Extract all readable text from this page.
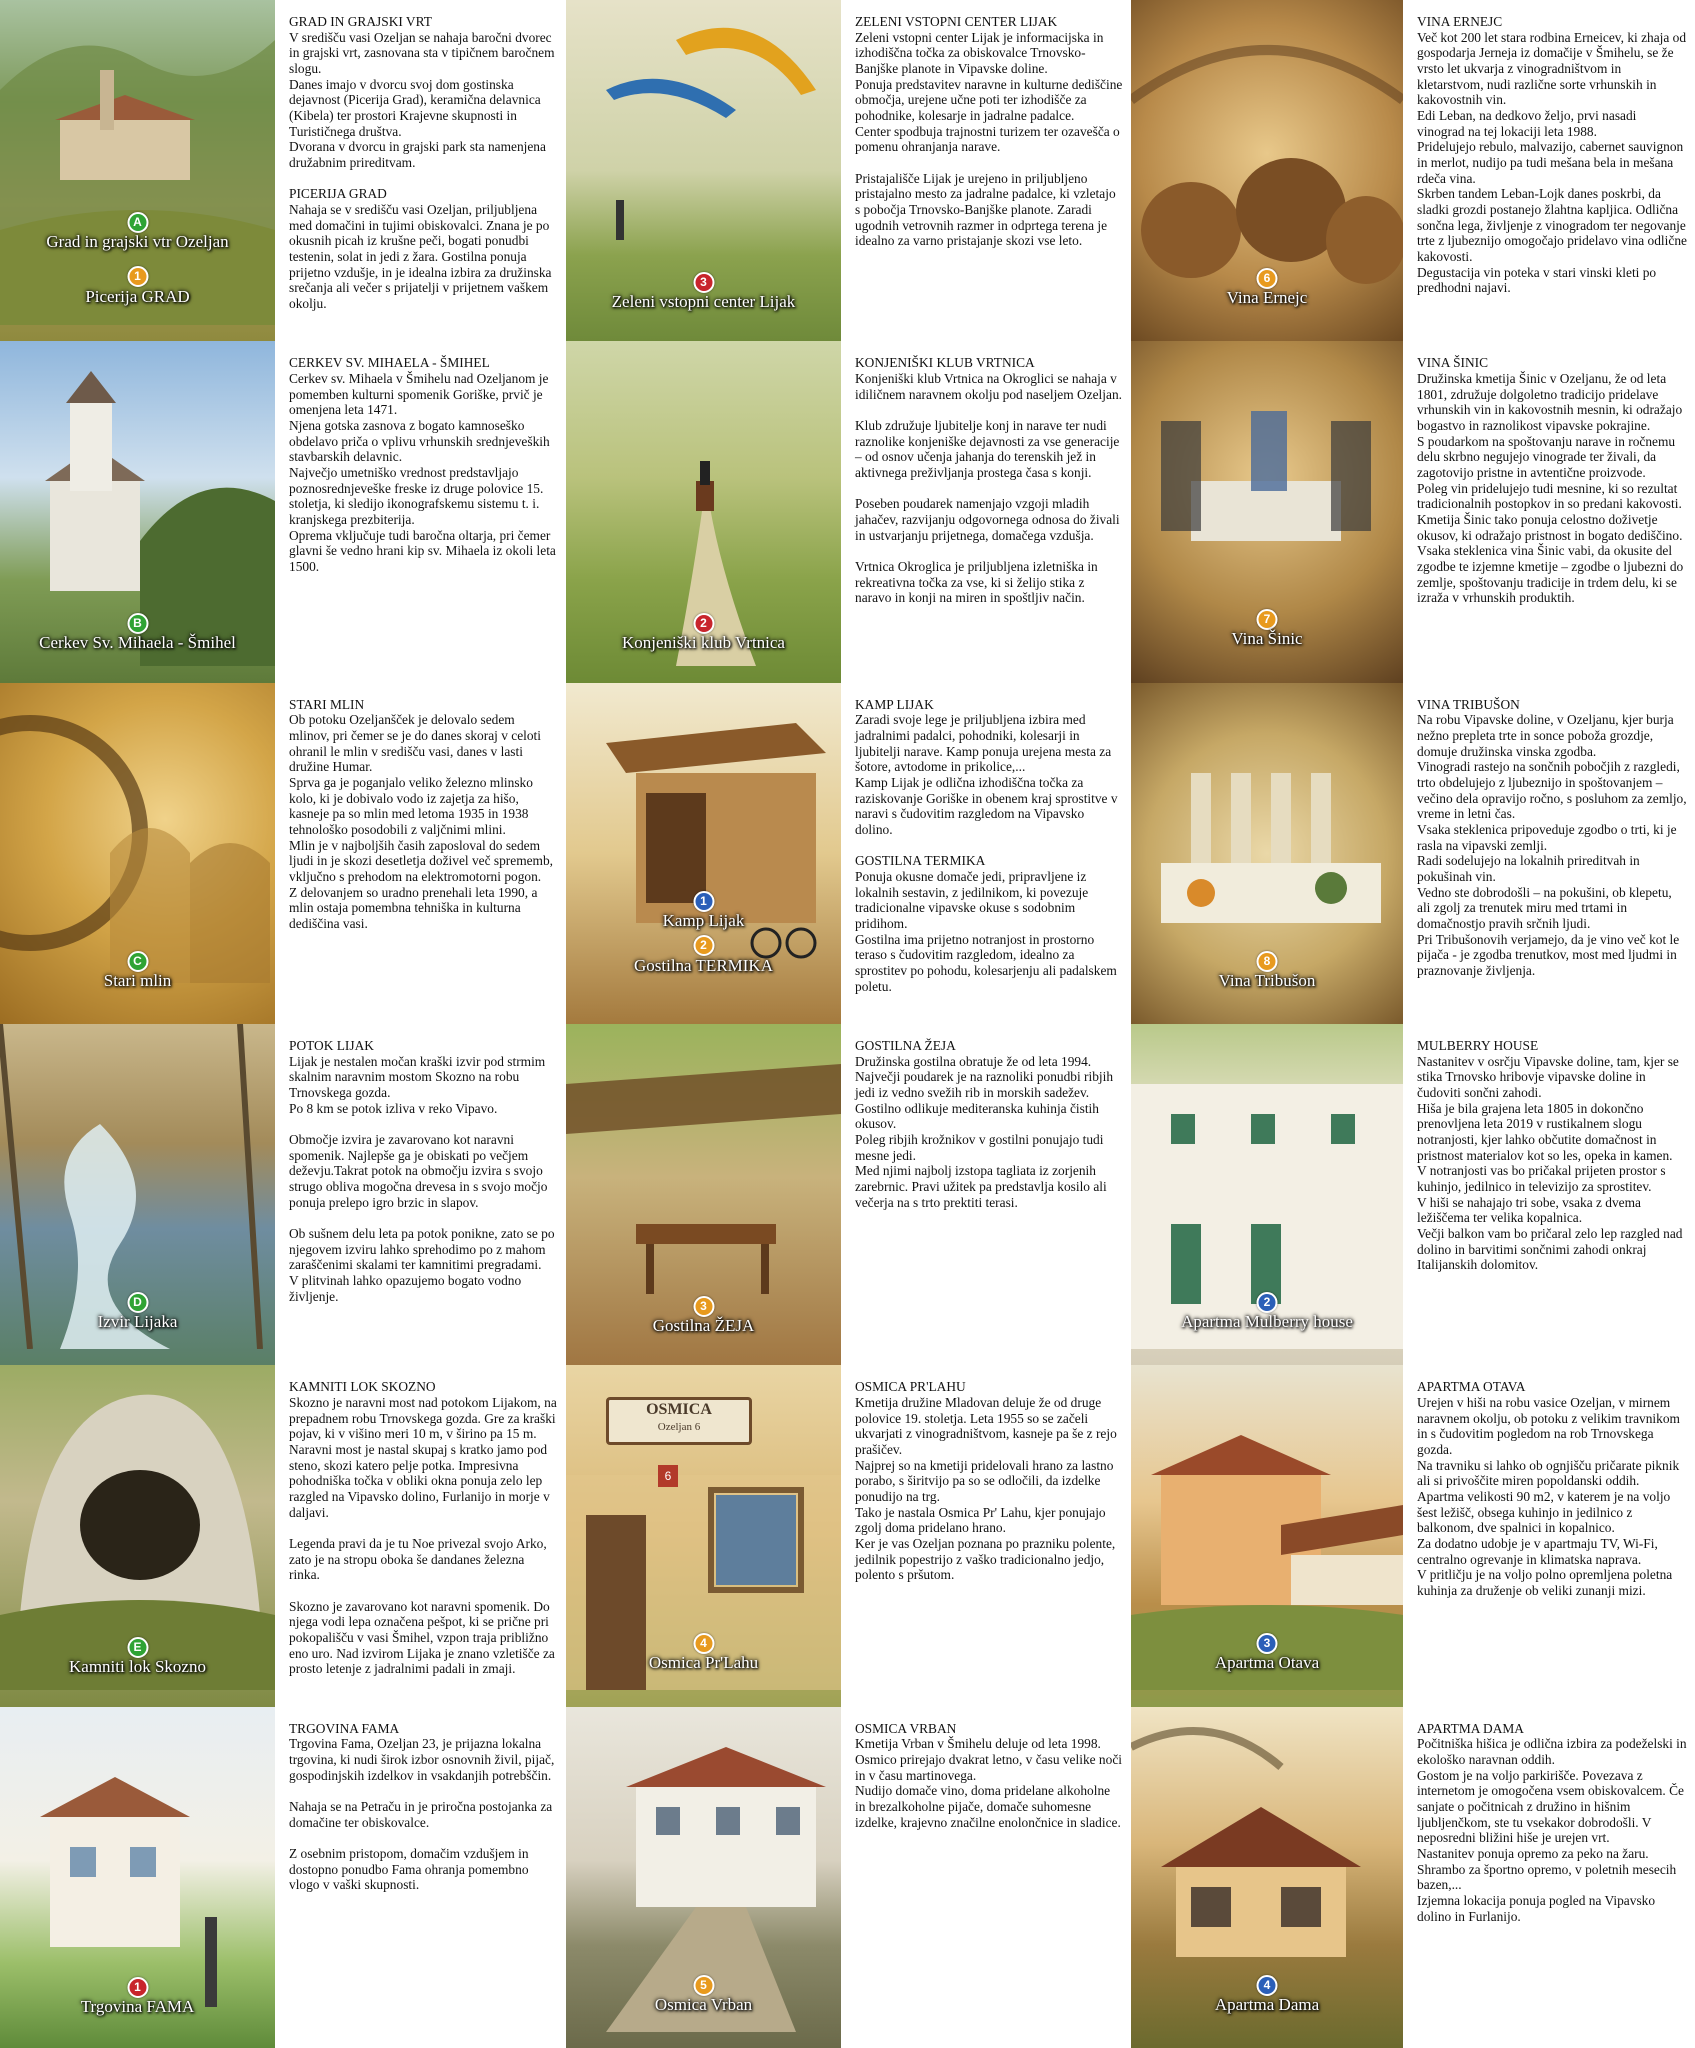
A
Grad in grajski vtr Ozeljan
1
Picerija GRAD
GRAD IN GRAJSKI VRT
V središču vasi Ozeljan se nahaja baročni dvorec in grajski vrt, zasnovana sta v tipičnem baročnem slogu.
Danes imajo v dvorcu svoj dom gostinska dejavnost (Picerija Grad), keramična delavnica (Kibela) ter prostori Krajevne skupnosti in Turističnega društva.
Dvorana v dvorcu in grajski park sta namenjena družabnim prireditvam.

PICERIJA GRAD
Nahaja se v središču vasi Ozeljan, priljubljena med domačini in tujimi obiskovalci. Znana je po okusnih picah iz krušne peči, bogati ponudbi testenin, solat in jedi z žara. Gostilna ponuja prijetno vzdušje, in je idealna izbira za družinska srečanja ali večer s prijatelji v prijetnem vaškem okolju.
B
Cerkev Sv. Mihaela - Šmihel
CERKEV SV. MIHAELA - ŠMIHEL
Cerkev sv. Mihaela v Šmihelu nad Ozeljanom je pomemben kulturni spomenik Goriške, prvič je omenjena leta 1471.
Njena gotska zasnova z bogato kamnoseško obdelavo priča o vplivu vrhunskih srednjeveških stavbarskih delavnic.
Največjo umetniško vrednost predstavljajo poznosrednjeveške freske iz druge polovice 15. stoletja, ki sledijo ikonografskemu sistemu t. i. kranjskega prezbiterija.
Oprema vključuje tudi baročna oltarja, pri čemer glavni še vedno hrani kip sv. Mihaela iz okoli leta 1500.
C
Stari mlin
STARI MLIN
Ob potoku Ozeljanšček je delovalo sedem mlinov, pri čemer se je do danes skoraj v celoti ohranil le mlin v središču vasi, danes v lasti družine Humar.
Sprva ga je poganjalo veliko železno mlinsko kolo, ki je dobivalo vodo iz zajetja za hišo, kasneje pa so mlin med letoma 1935 in 1938 tehnološko posodobili z valjčnimi mlini.
Mlin je v najboljših časih zaposloval do sedem ljudi in je skozi desetletja doživel več sprememb, vključno s prehodom na elektromotorni pogon.
Z delovanjem so uradno prenehali leta 1990, a mlin ostaja pomembna tehniška in kulturna dediščina vasi.
D
Izvir Lijaka
POTOK LIJAK
Lijak je nestalen močan kraški izvir pod strmim skalnim naravnim mostom Skozno na robu Trnovskega gozda.
Po 8 km se potok izliva v reko Vipavo.

Območje izvira je zavarovano kot naravni spomenik. Najlepše ga je obiskati po večjem deževju.Takrat potok na območju izvira s svojo strugo obliva mogočna drevesa in s svojo močjo ponuja prelepo igro brzic in slapov.

Ob sušnem delu leta pa potok ponikne, zato se po njegovem izviru lahko sprehodimo po z mahom zaraščenimi skalami ter kamnitimi pregradami.
V plitvinah lahko opazujemo bogato vodno življenje.
E
Kamniti lok Skozno
KAMNITI LOK SKOZNO
Skozno je naravni most nad potokom Lijakom, na prepadnem robu Trnovskega gozda. Gre za kraški pojav, ki v višino meri 10 m, v širino pa 15 m. Naravni most je nastal skupaj s kratko jamo pod steno, skozi katero pelje potka. Impresivna pohodniška točka v obliki okna ponuja zelo lep razgled na Vipavsko dolino, Furlanijo in morje v daljavi.

Legenda pravi da je tu Noe privezal svojo Arko, zato je na stropu oboka še dandanes železna rinka.

Skozno je zavarovano kot naravni spomenik. Do njega vodi lepa označena pešpot, ki se prične pri pokopališču v vasi Šmihel, vzpon traja približno eno uro. Nad izvirom Lijaka je znano vzletišče za prosto letenje z jadralnimi padali in zmaji.
1
Trgovina FAMA
TRGOVINA FAMA
Trgovina Fama, Ozeljan 23, je prijazna lokalna trgovina, ki nudi širok izbor osnovnih živil, pijač, gospodinjskih izdelkov in vsakdanjih potrebščin.

Nahaja se na Petraču in je priročna postojanka za domačine ter obiskovalce.

Z osebnim pristopom, domačim vzdušjem in dostopno ponudbo Fama ohranja pomembno vlogo v vaški skupnosti.
3
Zeleni vstopni center Lijak
ZELENI VSTOPNI CENTER LIJAK
Zeleni vstopni center Lijak je informacijska in izhodiščna točka za obiskovalce Trnovsko-Banjške planote in Vipavske doline.
Ponuja predstavitev naravne in kulturne dediščine območja, urejene učne poti ter izhodišče za pohodnike, kolesarje in jadralne padalce.
Center spodbuja trajnostni turizem ter ozavešča o pomenu ohranjanja narave.

Pristajališče Lijak je urejeno in priljubljeno pristajalno mesto za jadralne padalce, ki vzletajo s pobočja Trnovsko-Banjške planote. Zaradi ugodnih vetrovnih razmer in odprtega terena je idealno za varno pristajanje skozi vse leto.
2
Konjeniški klub Vrtnica
KONJENIŠKI KLUB VRTNICA
Konjeniški klub Vrtnica na Okroglici se nahaja v idiličnem naravnem okolju pod naseljem Ozeljan.

Klub združuje ljubitelje konj in narave ter nudi raznolike konjeniške dejavnosti za vse generacije – od osnov učenja jahanja do terenskih jež in aktivnega preživljanja prostega časa s konji.

Poseben poudarek namenjajo vzgoji mladih jahačev, razvijanju odgovornega odnosa do živali in ustvarjanju prijetnega, domačega vzdušja.

Vrtnica Okroglica je priljubljena izletniška in rekreativna točka za vse, ki si želijo stika z naravo in konji na miren in spoštljiv način.
1
Kamp Lijak
2
Gostilna TERMIKA
KAMP LIJAK
Zaradi svoje lege je priljubljena izbira med jadralnimi padalci, pohodniki, kolesarji in ljubitelji narave. Kamp ponuja urejena mesta za šotore, avtodome in prikolice,...
Kamp Lijak je odlična izhodiščna točka za raziskovanje Goriške in obenem kraj sprostitve v naravi s čudovitim razgledom na Vipavsko dolino.

GOSTILNA TERMIKA
Ponuja okusne domače jedi, pripravljene iz lokalnih sestavin, z jedilnikom, ki povezuje tradicionalne vipavske okuse s sodobnim pridihom.
Gostilna ima prijetno notranjost in prostorno teraso s čudovitim razgledom, idealno za sprostitev po pohodu, kolesarjenju ali padalskem poletu.
3
Gostilna ŽEJA
GOSTILNA ŽEJA
Družinska gostilna obratuje že od leta 1994.
Največji poudarek je na raznoliki ponudbi ribjih jedi iz vedno svežih rib in morskih sadežev.
Gostilno odlikuje mediteranska kuhinja čistih okusov.
Poleg ribjih krožnikov v gostilni ponujajo tudi mesne jedi.
Med njimi najbolj izstopa tagliata iz zorjenih zarebrnic. Pravi užitek pa predstavlja kosilo ali večerja na s trto prektiti terasi.
OSMICA
Ozeljan 6
6
4
Osmica Pr'Lahu
OSMICA PR'LAHU
Kmetija družine Mladovan deluje že od druge polovice 19. stoletja. Leta 1955 so se začeli ukvarjati z vinogradništvom, kasneje pa še z rejo prašičev.
Najprej so na kmetiji pridelovali hrano za lastno porabo, s širitvijo pa so se odločili, da izdelke ponudijo na trg.
Tako je nastala Osmica Pr' Lahu, kjer ponujajo zgolj doma pridelano hrano.
Ker je vas Ozeljan poznana po prazniku polente, jedilnik popestrijo z vaško tradicionalno jedjo, polento s pršutom.
5
Osmica Vrban
OSMICA VRBAN
Kmetija Vrban v Šmihelu deluje od leta 1998.
Osmico prirejajo dvakrat letno, v času velike noči in v času martinovega.
Nudijo domače vino, doma pridelane alkoholne in brezalkoholne pijače, domače suhomesne izdelke, krajevno značilne enolončnice in sladice.
6
Vina Ernejc
VINA ERNEJC
Več kot 200 let stara rodbina Erneicev, ki zhaja od gospodarja Jerneja iz domačije v Šmihelu, se že vrsto let ukvarja z vinogradništvom in kletarstvom, nudi različne sorte vrhunskih in kakovostnih vin.
Edi Leban, na dedkovo željo, prvi nasadi vinograd na tej lokaciji leta 1988.
Pridelujejo rebulo, malvazijo, cabernet sauvignon in merlot, nudijo pa tudi mešana bela in mešana rdeča vina.
Skrben tandem Leban-Lojk danes poskrbi, da sladki grozdi postanejo žlahtna kapljica. Odlična sončna lega, življenje z vinogradom ter negovanje trte z ljubeznijo omogočajo pridelavo vina odlične kakovosti.
Degustacija vin poteka v stari vinski kleti po predhodni najavi.
7
Vina Šinic
VINA ŠINIC
Družinska kmetija Šinic v Ozeljanu, že od leta 1801, združuje dolgoletno tradicijo pridelave vrhunskih vin in kakovostnih mesnin, ki odražajo bogastvo in raznolikost vipavske pokrajine.
S poudarkom na spoštovanju narave in ročnemu delu skrbno negujejo vinograde ter živali, da zagotovijo pristne in avtentične proizvode.
Poleg vin pridelujejo tudi mesnine, ki so rezultat tradicionalnih postopkov in so predani kakovosti. Kmetija Šinic tako ponuja celostno doživetje okusov, ki odražajo pristnost in bogato dediščino.
Vsaka steklenica vina Šinic vabi, da okusite del zgodbe te izjemne kmetije – zgodbe o ljubezni do zemlje, spoštovanju tradicije in trdem delu, ki se izraža v vrhunskih produktih.
8
Vina Tribušon
VINA TRIBUŠON
Na robu Vipavske doline, v Ozeljanu, kjer burja nežno prepleta trte in sonce poboža grozdje, domuje družinska vinska zgodba.
Vinogradi rastejo na sončnih pobočjih z razgledi, trto obdelujejo z ljubeznijo in spoštovanjem – večino dela opravijo ročno, s posluhom za zemljo, vreme in letni čas.
Vsaka steklenica pripoveduje zgodbo o trti, ki je rasla na vipavski zemlji.
Radi sodelujejo na lokalnih prireditvah in pokušinah vin.
Vedno ste dobrodošli – na pokušini, ob klepetu, ali zgolj za trenutek miru med trtami in domačnostjo pravih srčnih ljudi.
Pri Tribušonovih verjamejo, da je vino več kot le pijača - je zgodba trenutkov, most med ljudmi in praznovanje življenja.
2
Apartma Mulberry house
MULBERRY HOUSE
Nastanitev v osrčju Vipavske doline, tam, kjer se stika Trnovsko hribovje vipavske doline in čudoviti sončni zahodi.
Hiša je bila grajena leta 1805 in dokončno prenovljena leta 2019 v rustikalnem slogu notranjosti, kjer lahko občutite domačnost in pristnost materialov kot so les, opeka in kamen.
V notranjosti vas bo pričakal prijeten prostor s kuhinjo, jedilnico in televizijo za sprostitev.
V hiši se nahajajo tri sobe, vsaka z dvema ležiščema ter velika kopalnica.
Večji balkon vam bo pričaral zelo lep razgled nad dolino in barvitimi sončnimi zahodi onkraj Italijanskih dolomitov.
3
Apartma Otava
APARTMA OTAVA
Urejen v hiši na robu vasice Ozeljan, v mirnem naravnem okolju, ob potoku z velikim travnikom in s čudovitim pogledom na rob Trnovskega gozda.
Na travniku si lahko ob ognjišču pričarate piknik ali si privoščite miren popoldanski oddih.
Apartma velikosti 90 m2, v katerem je na voljo šest ležišč, obsega kuhinjo in jedilnico z balkonom, dve spalnici in kopalnico.
Za dodatno udobje je v apartmaju TV, Wi-Fi, centralno ogrevanje in klimatska naprava.
V pritličju je na voljo polno opremljena poletna kuhinja za druženje ob veliki zunanji mizi.
4
Apartma Dama
APARTMA DAMA
Počitniška hišica je odlična izbira za podeželski in ekološko naravnan oddih.
Gostom je na voljo parkirišče. Povezava z internetom je omogočena vsem obiskovalcem. Če sanjate o počitnicah z družino in hišnim ljubljenčkom, ste tu vsekakor dobrodošli. V neposredni bližini hiše je urejen vrt.
Nastanitev ponuja opremo za peko na žaru. Shrambo za športno opremo, v poletnih mesecih bazen,...
Izjemna lokacija ponuja pogled na Vipavsko dolino in Furlanijo.
